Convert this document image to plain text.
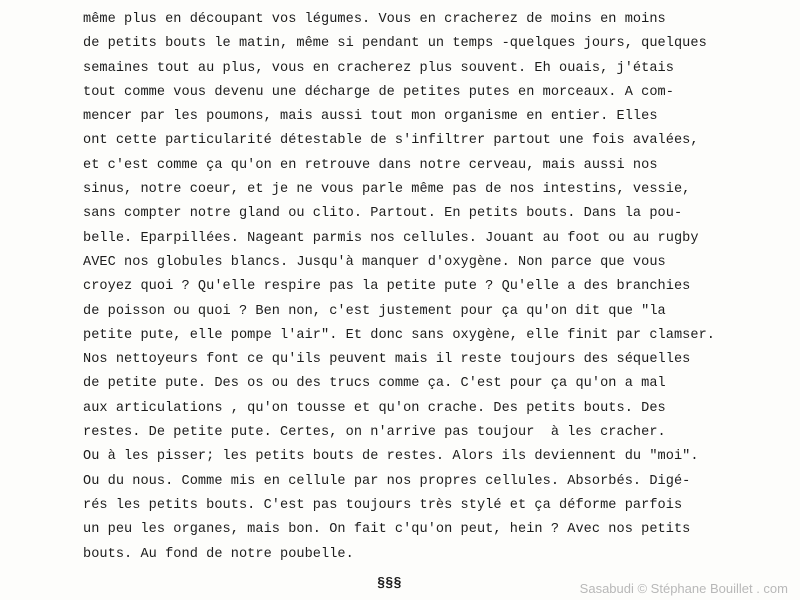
même plus en découpant vos légumes. Vous en cracherez de moins en moins
de petits bouts le matin, même si pendant un temps -quelques jours, quelques
semaines tout au plus, vous en cracherez plus souvent. Eh ouais, j'étais
tout comme vous devenu une décharge de petites putes en morceaux. A com-
mencer par les poumons, mais aussi tout mon organisme en entier. Elles
ont cette particularité détestable de s'infiltrer partout une fois avalées,
et c'est comme ça qu'on en retrouve dans notre cerveau, mais aussi nos
sinus, notre coeur, et je ne vous parle même pas de nos intestins, vessie,
sans compter notre gland ou clito. Partout. En petits bouts. Dans la pou-
belle. Eparpillées. Nageant parmis nos cellules. Jouant au foot ou au rugby
AVEC nos globules blancs. Jusqu'à manquer d'oxygène. Non parce que vous
croyez quoi ? Qu'elle respire pas la petite pute ? Qu'elle a des branchies
de poisson ou quoi ? Ben non, c'est justement pour ça qu'on dit que "la
petite pute, elle pompe l'air". Et donc sans oxygène, elle finit par clamser.
Nos nettoyeurs font ce qu'ils peuvent mais il reste toujours des séquelles
de petite pute. Des os ou des trucs comme ça. C'est pour ça qu'on a mal
aux articulations , qu'on tousse et qu'on crache. Des petits bouts. Des
restes. De petite pute. Certes, on n'arrive pas toujour  à les cracher.
Ou à les pisser; les petits bouts de restes. Alors ils deviennent du "moi".
Ou du nous. Comme mis en cellule par nos propres cellules. Absorbés. Digé-
rés les petits bouts. C'est pas toujours très stylé et ça déforme parfois
un peu les organes, mais bon. On fait c'qu'on peut, hein ? Avec nos petits
bouts. Au fond de notre poubelle.
§§§	Sasabudi © Stéphane Bouillet . com
